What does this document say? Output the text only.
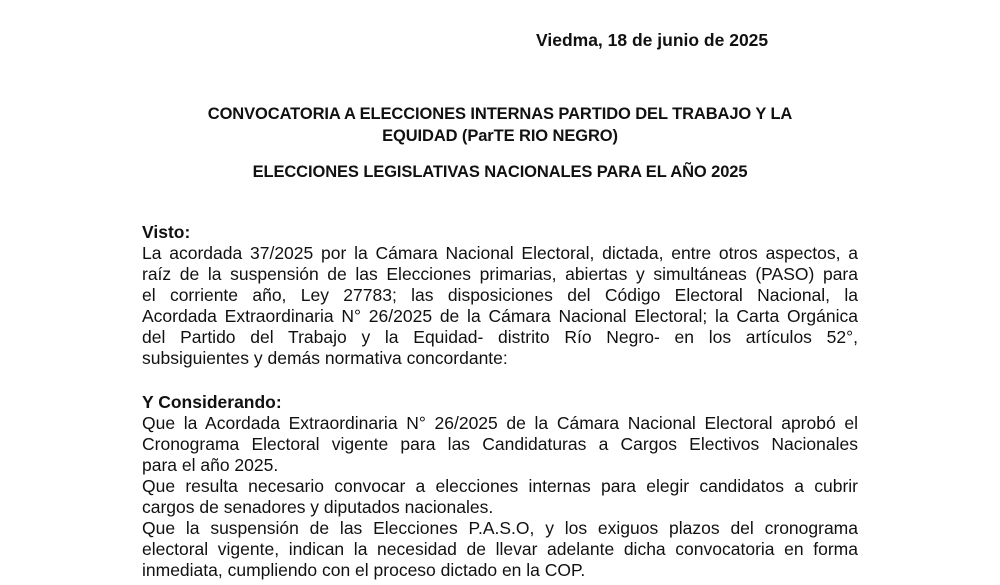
Viedma, 18 de junio de 2025
CONVOCATORIA A ELECCIONES INTERNAS PARTIDO DEL TRABAJO Y LA
EQUIDAD (ParTE RIO NEGRO)
ELECCIONES LEGISLATIVAS NACIONALES PARA EL AÑO 2025
Visto:
La acordada 37/2025 por la Cámara Nacional Electoral, dictada, entre otros aspectos, a
raíz de la suspensión de las Elecciones primarias, abiertas y simultáneas (PASO) para
el corriente año, Ley 27783; las disposiciones del Código Electoral Nacional, la
Acordada Extraordinaria N° 26/2025 de la Cámara Nacional Electoral; la Carta Orgánica
del Partido del Trabajo y la Equidad- distrito Río Negro- en los artículos 52°,
subsiguientes y demás normativa concordante:
Y Considerando:
Que la Acordada Extraordinaria N° 26/2025 de la Cámara Nacional Electoral aprobó el
Cronograma Electoral vigente para las Candidaturas a Cargos Electivos Nacionales
para el año 2025.
Que resulta necesario convocar a elecciones internas para elegir candidatos a cubrir
cargos de senadores y diputados nacionales.
Que la suspensión de las Elecciones P.A.S.O, y los exiguos plazos del cronograma
electoral vigente, indican la necesidad de llevar adelante dicha convocatoria en forma
inmediata, cumpliendo con el proceso dictado en la COP.
